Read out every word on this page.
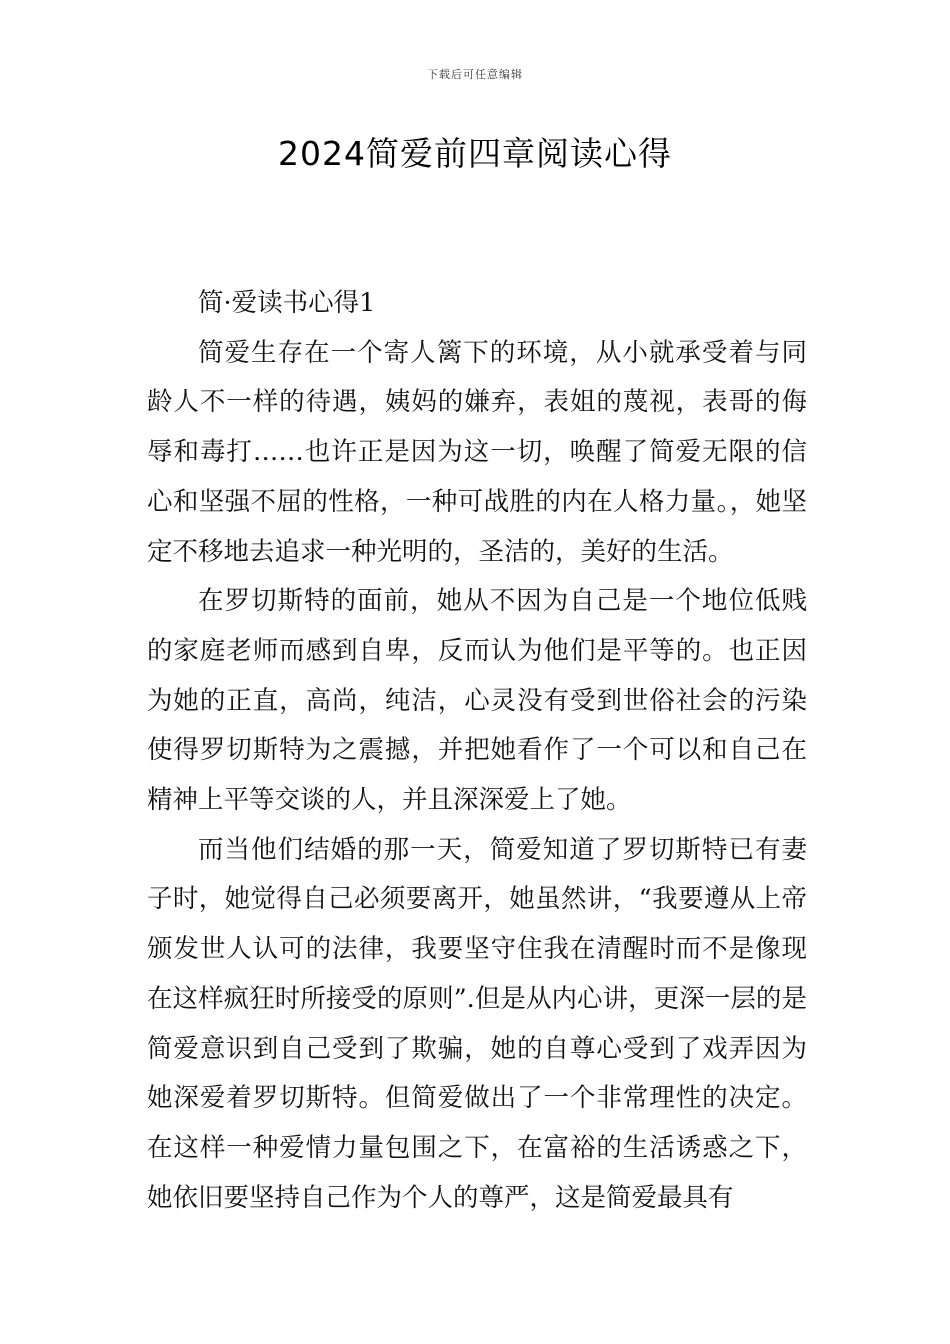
下载后可任意编辑
2024简爱前四章阅读心得

简·爱读书心得1

简爱生存在一个寄人篱下的环境，从小就承受着与同龄人不一样的待遇，姨妈的嫌弃，表姐的蔑视，表哥的侮辱和毒打……也许正是因为这一切，唤醒了简爱无限的信心和坚强不屈的性格，一种可战胜的内在人格力量。，她坚定不移地去追求一种光明的，圣洁的，美好的生活。

在罗切斯特的面前，她从不因为自己是一个地位低贱的家庭老师而感到自卑，反而认为他们是平等的。也正因为她的正直，高尚，纯洁，心灵没有受到世俗社会的污染使得罗切斯特为之震撼，并把她看作了一个可以和自己在精神上平等交谈的人，并且深深爱上了她。

而当他们结婚的那一天，简爱知道了罗切斯特已有妻子时，她觉得自己必须要离开，她虽然讲，“我要遵从上帝颁发世人认可的法律，我要坚守住我在清醒时而不是像现在这样疯狂时所接受的原则”.但是从内心讲，更深一层的是简爱意识到自己受到了欺骗，她的自尊心受到了戏弄因为她深爱着罗切斯特。但简爱做出了一个非常理性的决定。在这样一种爱情力量包围之下，在富裕的生活诱惑之下，她依旧要坚持自己作为个人的尊严，这是简爱最具有
